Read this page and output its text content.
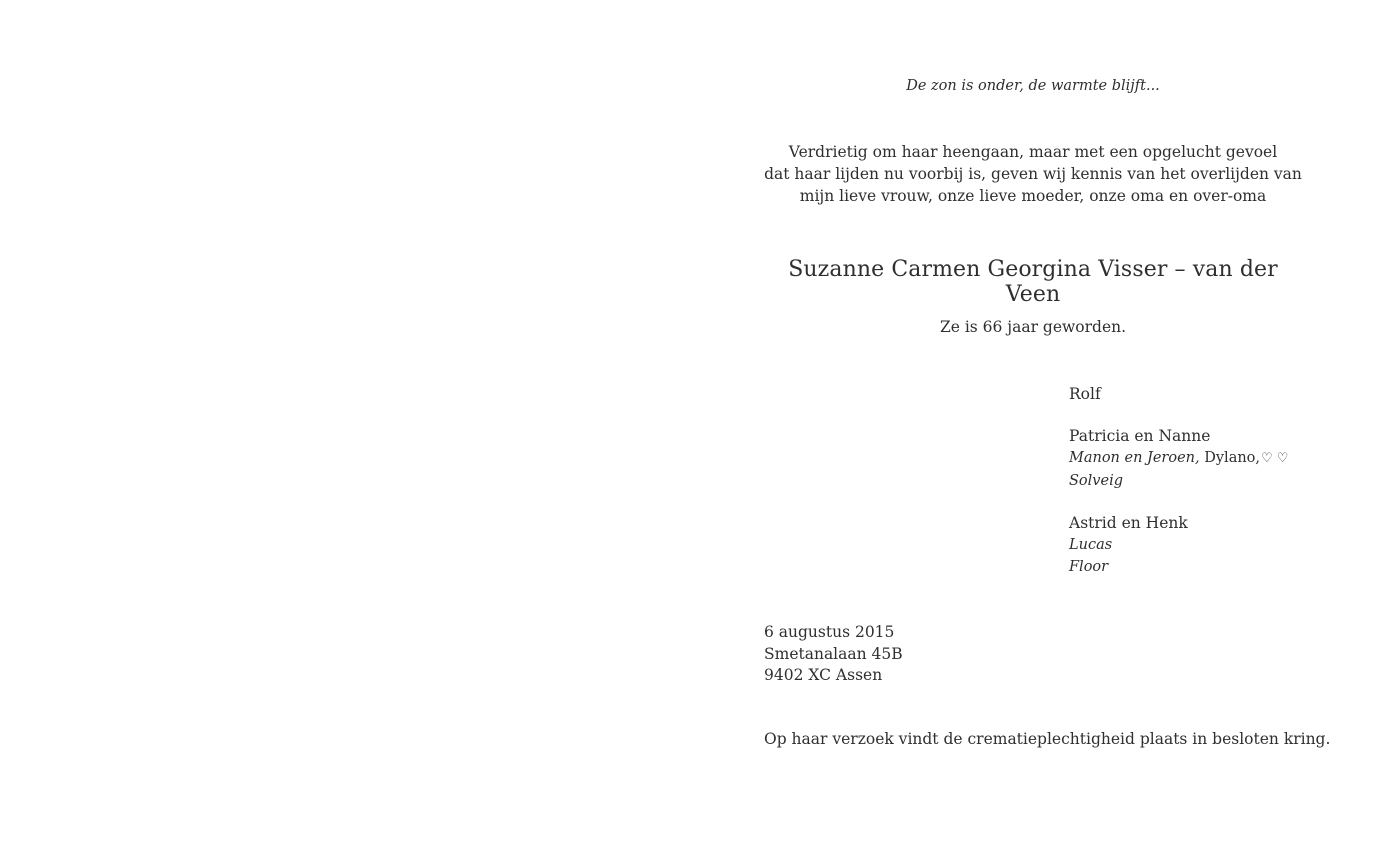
De zon is onder, de warmte blijft...
Verdrietig om haar heengaan, maar met een opgelucht gevoel
dat haar lijden nu voorbij is, geven wij kennis van het overlijden van
mijn lieve vrouw, onze lieve moeder, onze oma en over-oma
Suzanne Carmen Georgina Visser – van der Veen
Ze is 66 jaar geworden.
Rolf
Patricia en Nanne
Manon en Jeroen, Dylano,♡ ♡
Solveig
Astrid en Henk
Lucas
Floor
6 augustus 2015
Smetanalaan 45B
9402 XC Assen
Op haar verzoek vindt de crematieplechtigheid plaats in besloten kring.
